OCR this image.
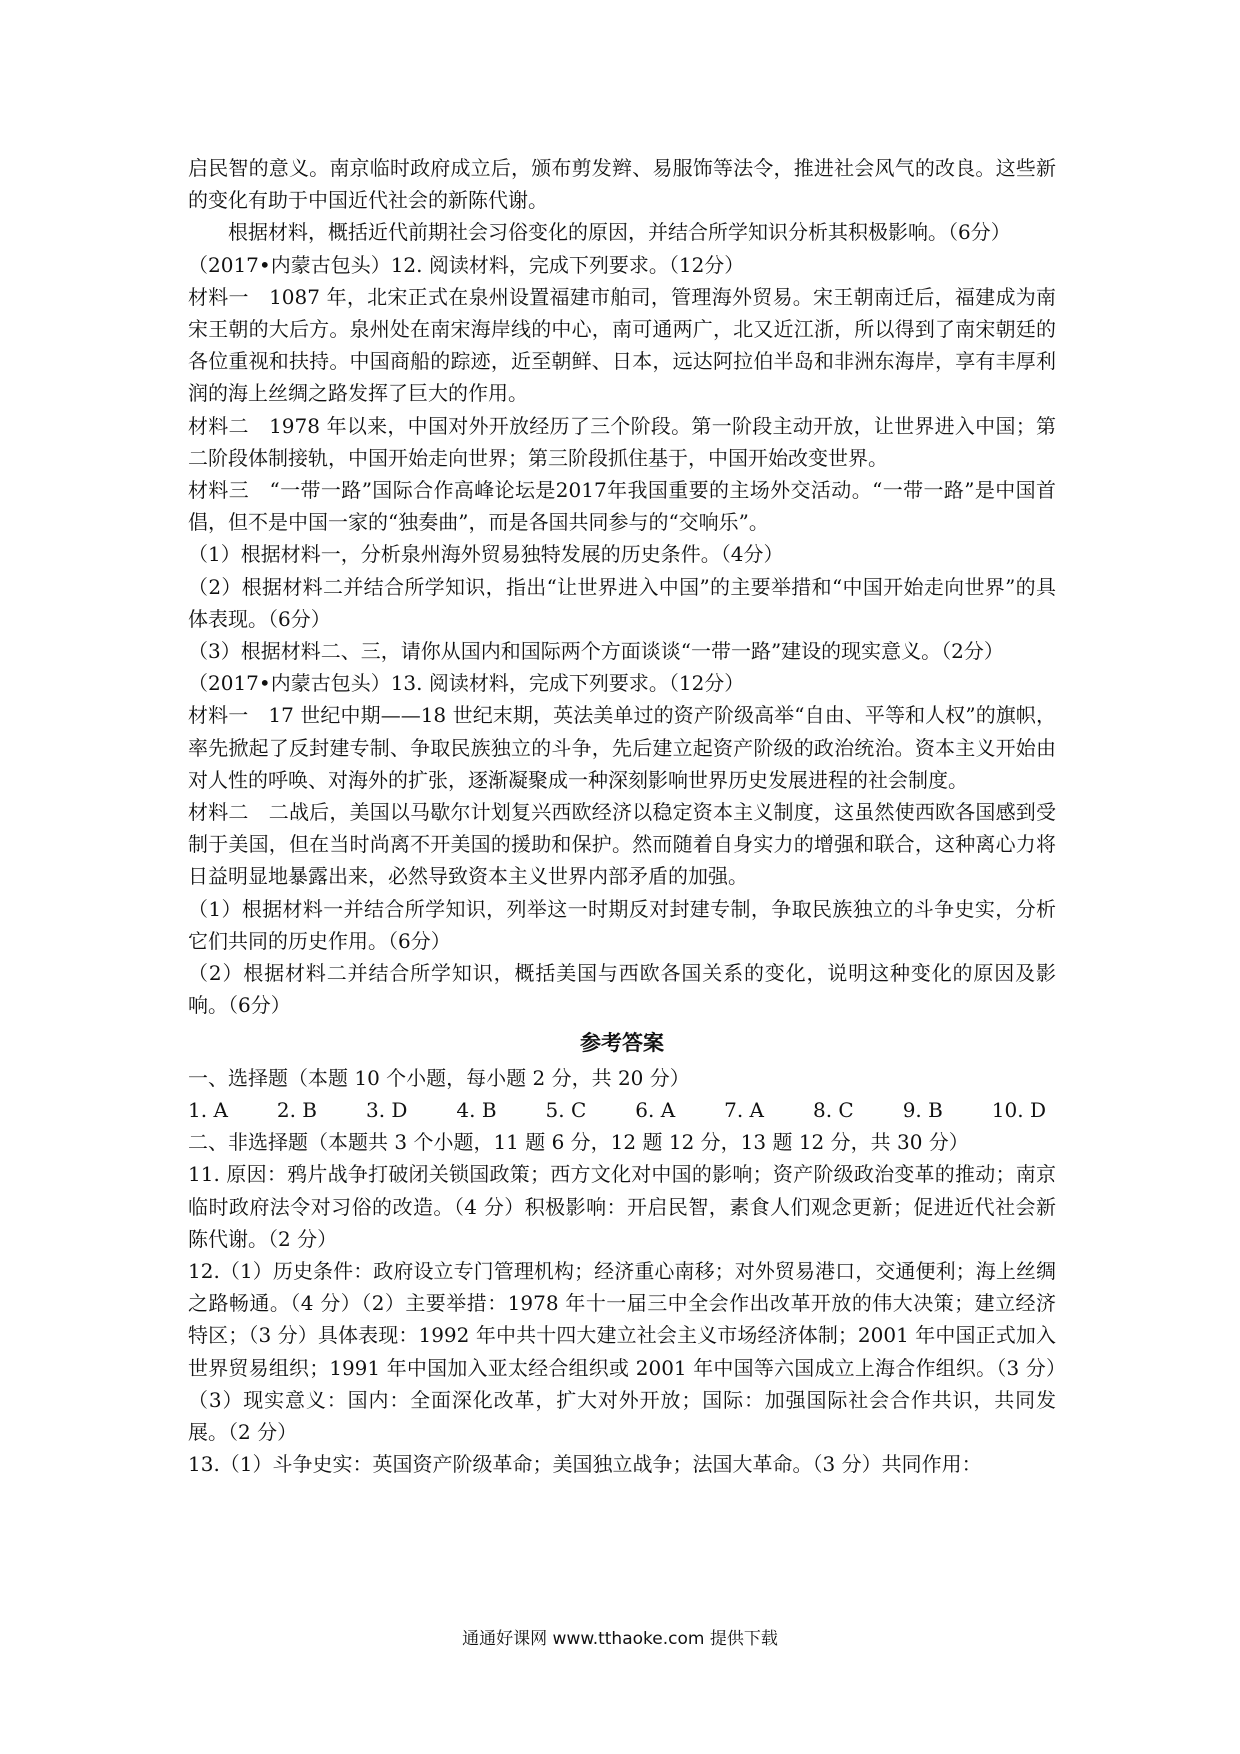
启民智的意义。南京临时政府成立后，颁布剪发辫、易服饰等法令，推进社会风气的改良。这些新的变化有助于中国近代社会的新陈代谢。

根据材料，概括近代前期社会习俗变化的原因，并结合所学知识分析其积极影响。（6分）

（2017•内蒙古包头）12. 阅读材料，完成下列要求。（12分）

材料一　1087 年，北宋正式在泉州设置福建市舶司，管理海外贸易。宋王朝南迁后，福建成为南宋王朝的大后方。泉州处在南宋海岸线的中心，南可通两广，北又近江浙，所以得到了南宋朝廷的各位重视和扶持。中国商船的踪迹，近至朝鲜、日本，远达阿拉伯半岛和非洲东海岸，享有丰厚利润的海上丝绸之路发挥了巨大的作用。

材料二　1978 年以来，中国对外开放经历了三个阶段。第一阶段主动开放，让世界进入中国；第二阶段体制接轨，中国开始走向世界；第三阶段抓住基于，中国开始改变世界。

材料三　“一带一路”国际合作高峰论坛是2017年我国重要的主场外交活动。“一带一路”是中国首倡，但不是中国一家的“独奏曲”，而是各国共同参与的“交响乐”。

（1）根据材料一，分析泉州海外贸易独特发展的历史条件。（4分）

（2）根据材料二并结合所学知识，指出“让世界进入中国”的主要举措和“中国开始走向世界”的具体表现。（6分）

（3）根据材料二、三，请你从国内和国际两个方面谈谈“一带一路”建设的现实意义。（2分）

（2017•内蒙古包头）13. 阅读材料，完成下列要求。（12分）

材料一　17 世纪中期——18 世纪末期，英法美单过的资产阶级高举“自由、平等和人权”的旗帜，率先掀起了反封建专制、争取民族独立的斗争，先后建立起资产阶级的政治统治。资本主义开始由对人性的呼唤、对海外的扩张，逐渐凝聚成一种深刻影响世界历史发展进程的社会制度。

材料二　二战后，美国以马歇尔计划复兴西欧经济以稳定资本主义制度，这虽然使西欧各国感到受制于美国，但在当时尚离不开美国的援助和保护。然而随着自身实力的增强和联合，这种离心力将日益明显地暴露出来，必然导致资本主义世界内部矛盾的加强。

（1）根据材料一并结合所学知识，列举这一时期反对封建专制，争取民族独立的斗争史实，分析它们共同的历史作用。（6分）

（2）根据材料二并结合所学知识，概括美国与西欧各国关系的变化，说明这种变化的原因及影响。（6分）

参考答案

一、选择题（本题 10 个小题，每小题 2 分，共 20 分）

1. A 2. B 3. D 4. B 5. C 6. A 7. A 8. C 9. B 10. D

二、非选择题（本题共 3 个小题，11 题 6 分，12 题 12 分，13 题 12 分，共 30 分）

11. 原因：鸦片战争打破闭关锁国政策；西方文化对中国的影响；资产阶级政治变革的推动；南京临时政府法令对习俗的改造。（4 分）积极影响：开启民智，素食人们观念更新；促进近代社会新陈代谢。（2 分）

12.（1）历史条件：政府设立专门管理机构；经济重心南移；对外贸易港口，交通便利；海上丝绸之路畅通。（4 分）（2）主要举措：1978 年十一届三中全会作出改革开放的伟大决策；建立经济特区；（3 分）具体表现：1992 年中共十四大建立社会主义市场经济体制；2001 年中国正式加入世界贸易组织；1991 年中国加入亚太经合组织或 2001 年中国等六国成立上海合作组织。（3 分）（3）现实意义：国内：全面深化改革，扩大对外开放；国际：加强国际社会合作共识，共同发展。（2 分）

13.（1）斗争史实：英国资产阶级革命；美国独立战争；法国大革命。（3 分）共同作用：

通通好课网 www.tthaoke.com 提供下载
